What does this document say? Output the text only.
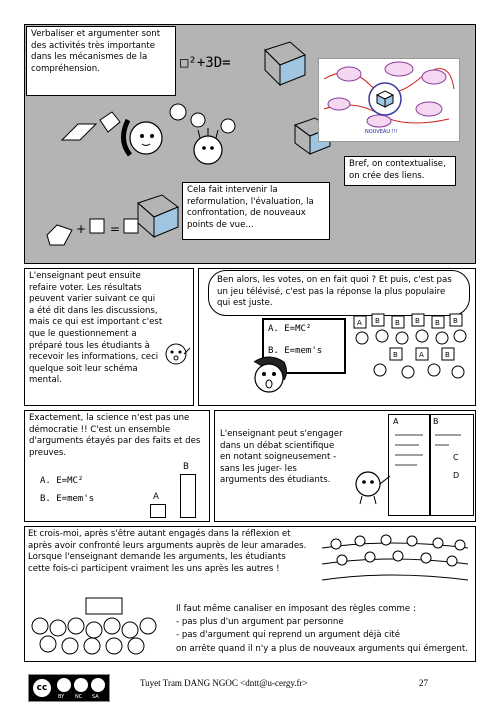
+ =
Verbaliser et argumenter sont des activités très importante dans les mécanismes de la compréhension.	□²+3D=
NOUVEAU !!!
Bref, on contextualise, on crée des liens.
Cela fait intervenir la reformulation, l'évaluation, la confrontation, de nouveaux points de vue...
L'enseignant peut ensuite refaire voter. Les résultats peuvent varier suivant ce qui a été dit dans les discussions, mais ce qui est important c'est que le questionnement a préparé tous les étudiants à recevoir les informations, ceci quelque soit leur schéma mental.
Ben alors, les votes, on en fait quoi ? Et puis, c'est pas un jeu télévisé, c'est pas la réponse la plus populaire qui est juste.
A. E=MC²
B. E=mem's
A B B B B B
B	A	B
Exactement, la science n'est pas une démocratie !! C'est un ensemble d'arguments étayés par des faits et des preuves.
A. E=MC²
B. E=mem's	A
B
L'enseignant peut s'engager dans un débat scientifique en notant soigneusement -sans les juger- les arguments des étudiants.
A	B
C
D
Et crois-moi, après s'être autant engagés dans la réflexion et après avoir confronté leurs arguments auprès de leur amarades. Lorsque l'enseignant demande les arguments, les étudiants cette fois-ci participent vraiment les uns après les autres !
Il faut même canaliser en imposant des règles comme :
- pas plus d'un argument par personne
- pas d'argument qui reprend un argument déjà cité
on arrête quand il n'y a plus de nouveaux arguments qui émergent.
cc
BY NC SA
Tuyet Tram DANG NGOC <dntt@u-cergy.fr>	27
